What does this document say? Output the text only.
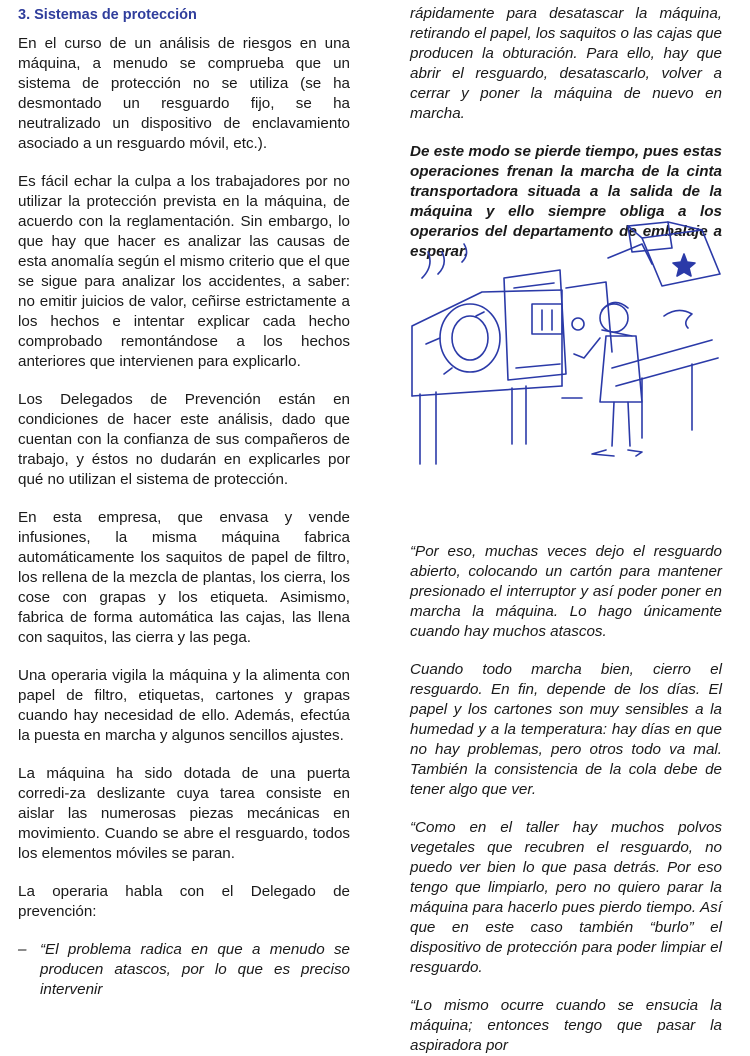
3. Sistemas de protección

En el curso de un análisis de riesgos en una máquina, a menudo se comprueba que un sistema de protección no se utiliza (se ha desmontado un resguardo fijo, se ha neutralizado un dispositivo de enclavamiento asociado a un resguardo móvil, etc.).

Es fácil echar la culpa a los trabajadores por no utilizar la protección prevista en la máquina, de acuerdo con la reglamentación. Sin embargo, lo que hay que hacer es analizar las causas de esta anomalía según el mismo criterio que el que se sigue para analizar los accidentes, a saber: no emitir juicios de valor, ceñirse estrictamente a los hechos e intentar explicar cada hecho comprobado remontándose a los hechos anteriores que intervienen para explicarlo.

Los Delegados de Prevención están en condiciones de hacer este análisis, dado que cuentan con la confianza de sus compañeros de trabajo, y éstos no dudarán en explicarles por qué no utilizan el sistema de protección.

En esta empresa, que envasa y vende infusiones, la misma máquina fabrica automáticamente los saquitos de papel de filtro, los rellena de la mezcla de plantas, los cierra, los cose con grapas y los etiqueta. Asimismo, fabrica de forma automática las cajas, las llena con saquitos, las cierra y las pega.

Una operaria vigila la máquina y la alimenta con papel de filtro, etiquetas, cartones y grapas cuando hay necesidad de ello. Además, efectúa la puesta en marcha y algunos sencillos ajustes.

La máquina ha sido dotada de una puerta corredi-za deslizante cuya tarea consiste en aislar las numerosas piezas mecánicas en movimiento. Cuando se abre el resguardo, todos los elementos móviles se paran.

La operaria habla con el Delegado de prevención:

– “El problema radica en que a menudo se producen atascos, por lo que es preciso intervenir

rápidamente para desatascar la máquina, retirando el papel, los saquitos o las cajas que producen la obturación. Para ello, hay que abrir el resguardo, desatascarlo, volver a cerrar y poner la máquina de nuevo en marcha.

De este modo se pierde tiempo, pues estas operaciones frenan la marcha de la cinta transportadora situada a la salida de la máquina y ello siempre obliga a los operarios del departamento de embalaje a esperar.

“Por eso, muchas veces dejo el resguardo abierto, colocando un cartón para mantener presionado el interruptor y así poder poner en marcha la máquina. Lo hago únicamente cuando hay muchos atascos.

Cuando todo marcha bien, cierro el resguardo. En fin, depende de los días. El papel y los cartones son muy sensibles a la humedad y a la temperatura: hay días en que no hay problemas, pero otros todo va mal. También la consistencia de la cola debe de tener algo que ver.

“Como en el taller hay muchos polvos vegetales que recubren el resguardo, no puedo ver bien lo que pasa detrás. Por eso tengo que limpiarlo, pero no quiero parar la máquina para hacerlo pues pierdo tiempo. Así que en este caso también “burlo” el dispositivo de protección para poder limpiar el resguardo.

“Lo mismo ocurre cuando se ensucia la máquina; entonces tengo que pasar la aspiradora por
